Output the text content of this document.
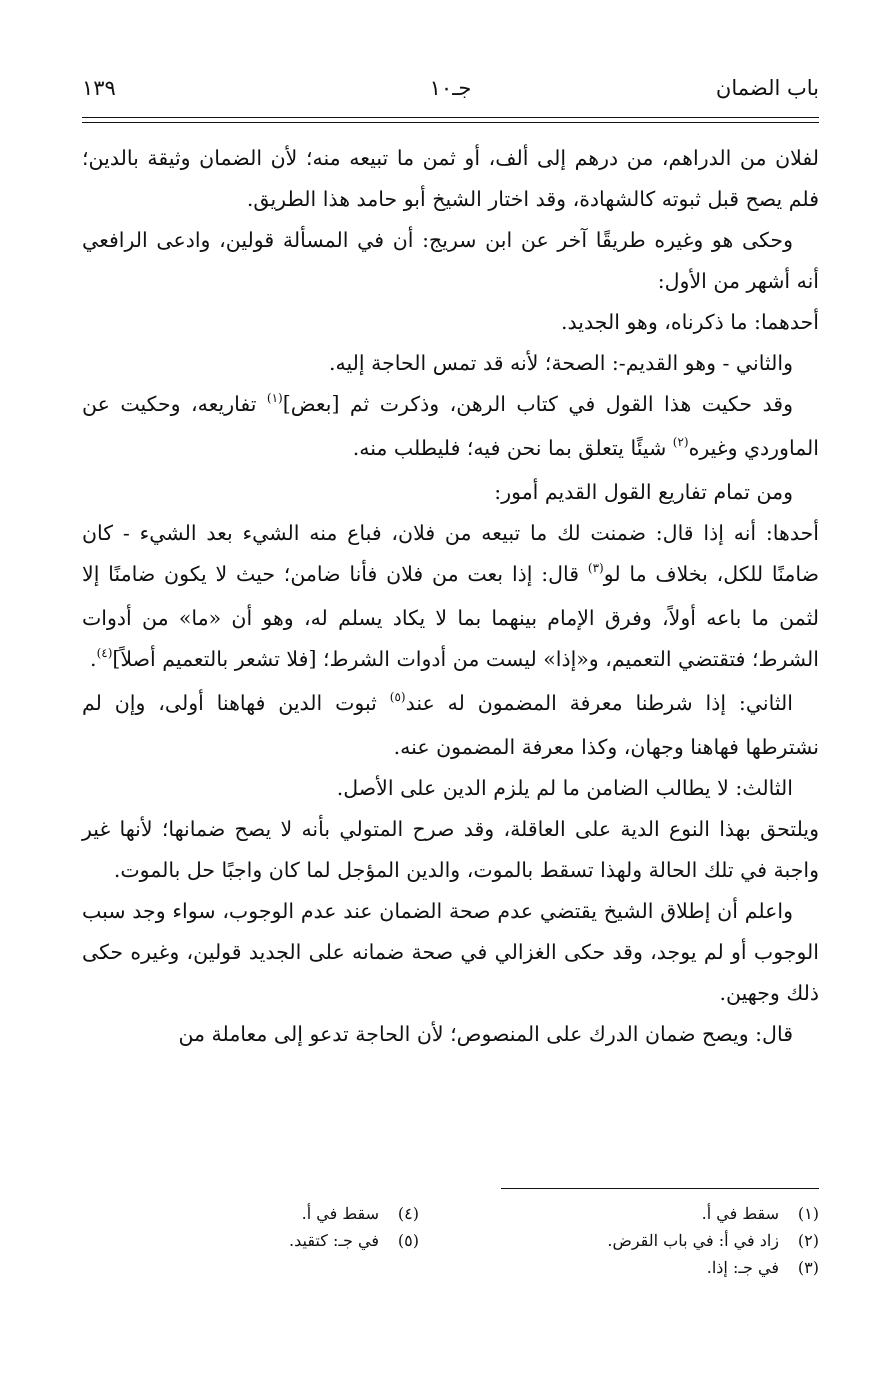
باب الضمان
جـ١٠
١٣٩

لفلان من الدراهم، من درهم إلى ألف، أو ثمن ما تبيعه منه؛ لأن الضمان وثيقة بالدين؛ فلم يصح قبل ثبوته كالشهادة، وقد اختار الشيخ أبو حامد هذا الطريق.

وحكى هو وغيره طريقًا آخر عن ابن سريج: أن في المسألة قولين، وادعى الرافعي أنه أشهر من الأول:

أحدهما: ما ذكرناه، وهو الجديد.

والثاني - وهو القديم-: الصحة؛ لأنه قد تمس الحاجة إليه.

وقد حكيت هذا القول في كتاب الرهن، وذكرت ثم [بعض]$^{(١)}$ تفاريعه، وحكيت عن الماوردي وغيره$^{(٢)}$ شيئًا يتعلق بما نحن فيه؛ فليطلب منه.

ومن تمام تفاريع القول القديم أمور:

أحدها: أنه إذا قال: ضمنت لك ما تبيعه من فلان، فباع منه الشيء بعد الشيء - كان ضامنًا للكل، بخلاف ما لو$^{(٣)}$ قال: إذا بعت من فلان فأنا ضامن؛ حيث لا يكون ضامنًا إلا لثمن ما باعه أولاً، وفرق الإمام بينهما بما لا يكاد يسلم له، وهو أن «ما» من أدوات الشرط؛ فتقتضي التعميم، و«إذا» ليست من أدوات الشرط؛ [فلا تشعر بالتعميم أصلاً]$^{(٤)}$.

الثاني: إذا شرطنا معرفة المضمون له عند$^{(٥)}$ ثبوت الدين فهاهنا أولى، وإن لم نشترطها فهاهنا وجهان، وكذا معرفة المضمون عنه.

الثالث: لا يطالب الضامن ما لم يلزم الدين على الأصل.

ويلتحق بهذا النوع الدية على العاقلة، وقد صرح المتولي بأنه لا يصح ضمانها؛ لأنها غير واجبة في تلك الحالة ولهذا تسقط بالموت، والدين المؤجل لما كان واجبًا حل بالموت.

واعلم أن إطلاق الشيخ يقتضي عدم صحة الضمان عند عدم الوجوب، سواء وجد سبب الوجوب أو لم يوجد، وقد حكى الغزالي في صحة ضمانه على الجديد قولين، وغيره حكى ذلك وجهين.

قال: ويصح ضمان الدرك على المنصوص؛ لأن الحاجة تدعو إلى معاملة من

(١)سقط في أ.
(٢)زاد في أ: في باب القرض.
(٣)في جـ: إذا.
(٤)سقط في أ.
(٥)في جـ: كتقيد.
